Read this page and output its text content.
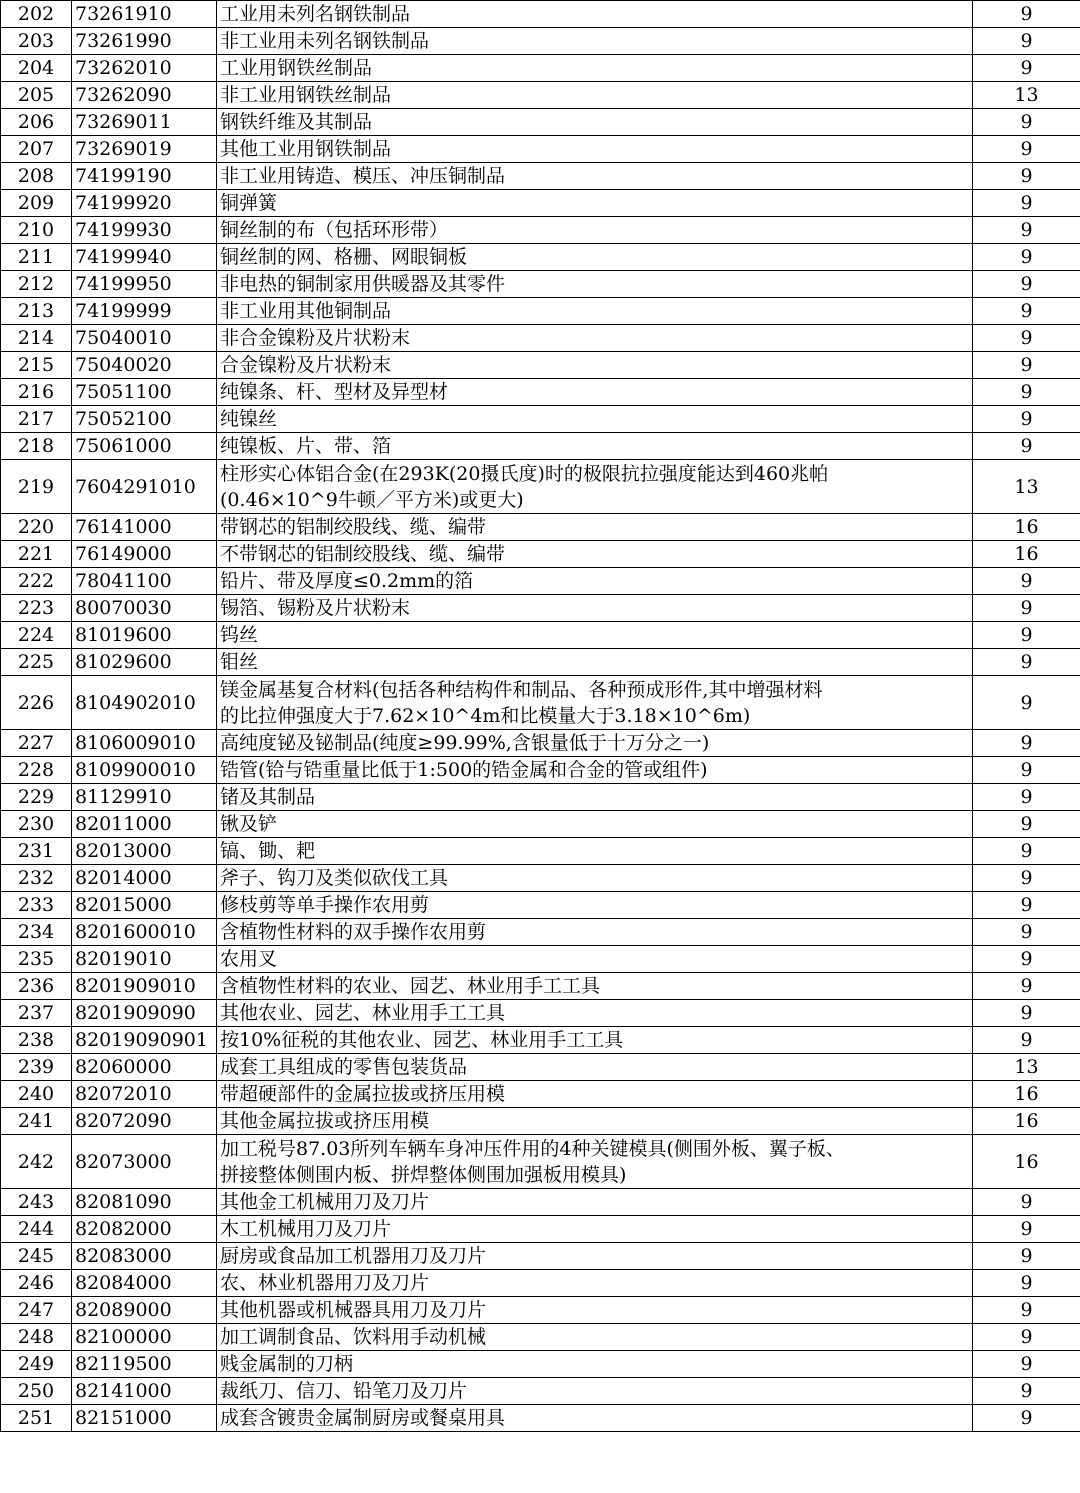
202	73261910	工业用未列名钢铁制品	9
203	73261990	非工业用未列名钢铁制品	9
204	73262010	工业用钢铁丝制品	9
205	73262090	非工业用钢铁丝制品	13
206	73269011	钢铁纤维及其制品	9
207	73269019	其他工业用钢铁制品	9
208	74199190	非工业用铸造、模压、冲压铜制品	9
209	74199920	铜弹簧	9
210	74199930	铜丝制的布（包括环形带）	9
211	74199940	铜丝制的网、格栅、网眼铜板	9
212	74199950	非电热的铜制家用供暖器及其零件	9
213	74199999	非工业用其他铜制品	9
214	75040010	非合金镍粉及片状粉末	9
215	75040020	合金镍粉及片状粉末	9
216	75051100	纯镍条、杆、型材及异型材	9
217	75052100	纯镍丝	9
218	75061000	纯镍板、片、带、箔	9
219	7604291010	柱形实心体铝合金(在293K(20摄氏度)时的极限抗拉强度能达到460兆帕
(0.46×10^9牛顿／平方米)或更大)	13
220	76141000	带钢芯的铝制绞股线、缆、编带	16
221	76149000	不带钢芯的铝制绞股线、缆、编带	16
222	78041100	铅片、带及厚度≤0.2mm的箔	9
223	80070030	锡箔、锡粉及片状粉末	9
224	81019600	钨丝	9
225	81029600	钼丝	9
226	8104902010	镁金属基复合材料(包括各种结构件和制品、各种预成形件,其中增强材料
的比拉伸强度大于7.62×10^4m和比模量大于3.18×10^6m)	9
227	8106009010	高纯度铋及铋制品(纯度≥99.99%,含银量低于十万分之一)	9
228	8109900010	锆管(铪与锆重量比低于1:500的锆金属和合金的管或组件)	9
229	81129910	锗及其制品	9
230	82011000	锹及铲	9
231	82013000	镐、锄、耙	9
232	82014000	斧子、钩刀及类似砍伐工具	9
233	82015000	修枝剪等单手操作农用剪	9
234	8201600010	含植物性材料的双手操作农用剪	9
235	82019010	农用叉	9
236	8201909010	含植物性材料的农业、园艺、林业用手工工具	9
237	8201909090	其他农业、园艺、林业用手工工具	9
238	82019090901	按10%征税的其他农业、园艺、林业用手工工具	9
239	82060000	成套工具组成的零售包装货品	13
240	82072010	带超硬部件的金属拉拔或挤压用模	16
241	82072090	其他金属拉拔或挤压用模	16
242	82073000	加工税号87.03所列车辆车身冲压件用的4种关键模具(侧围外板、翼子板、
拼接整体侧围内板、拼焊整体侧围加强板用模具)	16
243	82081090	其他金工机械用刀及刀片	9
244	82082000	木工机械用刀及刀片	9
245	82083000	厨房或食品加工机器用刀及刀片	9
246	82084000	农、林业机器用刀及刀片	9
247	82089000	其他机器或机械器具用刀及刀片	9
248	82100000	加工调制食品、饮料用手动机械	9
249	82119500	贱金属制的刀柄	9
250	82141000	裁纸刀、信刀、铅笔刀及刀片	9
251	82151000	成套含镀贵金属制厨房或餐桌用具	9
